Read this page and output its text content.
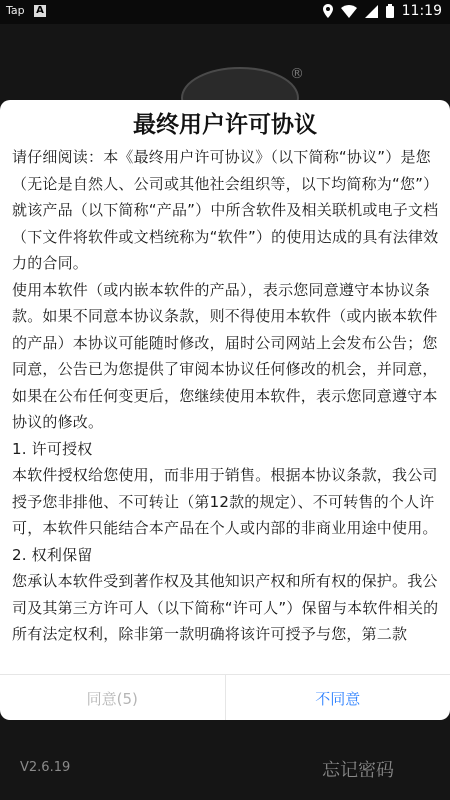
Tap A	11:19
®
V2.6.19	忘记密码
最终用户许可协议

请仔细阅读：本《最终用户许可协议》（以下简称“协议”）是您（无论是自然人、公司或其他社会组织等，以下均简称为“您”）就该产品（以下简称“产品”）中所含软件及相关联机或电子文档（下文件将软件或文档统称为“软件”）的使用达成的具有法律效力的合同。

使用本软件（或内嵌本软件的产品），表示您同意遵守本协议条款。如果不同意本协议条款，则不得使用本软件（或内嵌本软件的产品）本协议可能随时修改，届时公司网站上会发布公告；您同意，公告已为您提供了审阅本协议任何修改的机会，并同意，如果在公布任何变更后，您继续使用本软件，表示您同意遵守本协议的修改。

1. 许可授权

本软件授权给您使用，而非用于销售。根据本协议条款，我公司授予您非排他、不可转让（第12款的规定）、不可转售的个人许可，本软件只能结合本产品在个人或内部的非商业用途中使用。

2. 权利保留

您承认本软件受到著作权及其他知识产权和所有权的保护。我公司及其第三方许可人（以下简称“许可人”）保留与本软件相关的所有法定权利，除非第一款明确将该许可授予与您，第二款

同意(5)	不同意
